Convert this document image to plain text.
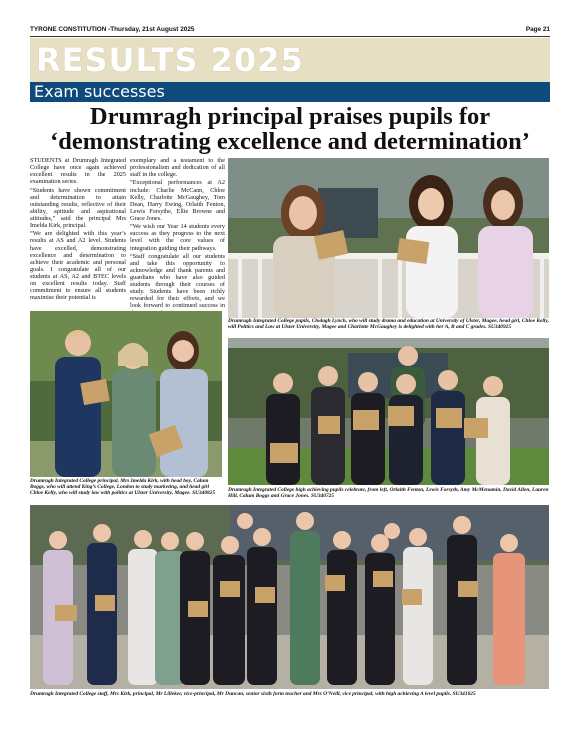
TYRONE CONSTITUTION -Thursday, 21st August 2025	Page 21
RESULTS 2025
Exam successes
Drumragh principal praises pupils for ‘demonstrating excellence and determination’

STUDENTS at Drumragh Integrated College have once again achieved excellent results in the 2025 examination series.

“Students have shown commitment and determination to attain outstanding results, reflective of their ability, aptitude and aspirational attitudes,” said the principal Mrs Imelda Kirk, principal.

“We are delighted with this year’s results at AS and A2 level. Students have excelled, demonstrating excellence and determination to achieve their academic and personal goals. I congratulate all of our students at AS, A2 and BTEC levels on excellent results today. Staff commitment to ensure all students maximise their potential is

exemplary and a testament to the professionalism and dedication of all staff in the college.

“Exceptional performances at A2 include: Charlie McCann, Chloe Kelly, Charlotte McGaughey, Tom Dean, Harry Ewing, Orlaith Fenton, Lewis Forsythe, Ellie Browne and Grace Jones.

“We wish our Year 14 students every success as they progress to the next level with the core values of integration guiding their pathways.

“Staff congratulate all our students and take this opportunity to acknowledge and thank parents and guardians who have also guided students through their courses of study. Students have been richly rewarded for their efforts, and we look forward to continued success in

Drumragh Integrated College pupils, Clodagh Lynch, who will study drama and education at University of Ulster, Magee, head girl, Chloe Kelly, will Politics and Law at Ulster University, Magee and Charlotte McGaughey is delighted with her A, B and C grades. SU340925
Drumragh Integrated College principal, Mrs Imelda Kirk, with head boy, Calum Boggs, who will attend King’s College, London to study marketing, and head girl Chloe Kelly, who will study law with politics at Ulster University, Magee. SU340825
Drumragh Integrated College high achieving pupils celebrate, from left, Orlaith Fenton, Lewis Forsyth, Amy McMenamin, David Allen, Lauren Hill, Calum Boggs and Grace Jones. SU340725
Drumragh Integrated College staff, Mrs Kirk, principal, Mr Lilleker, vice-principal, Mr Duncan, senior sixth form teacher and Mrs O’Neill, vice principal, with high achieving A level pupils. SU341025
